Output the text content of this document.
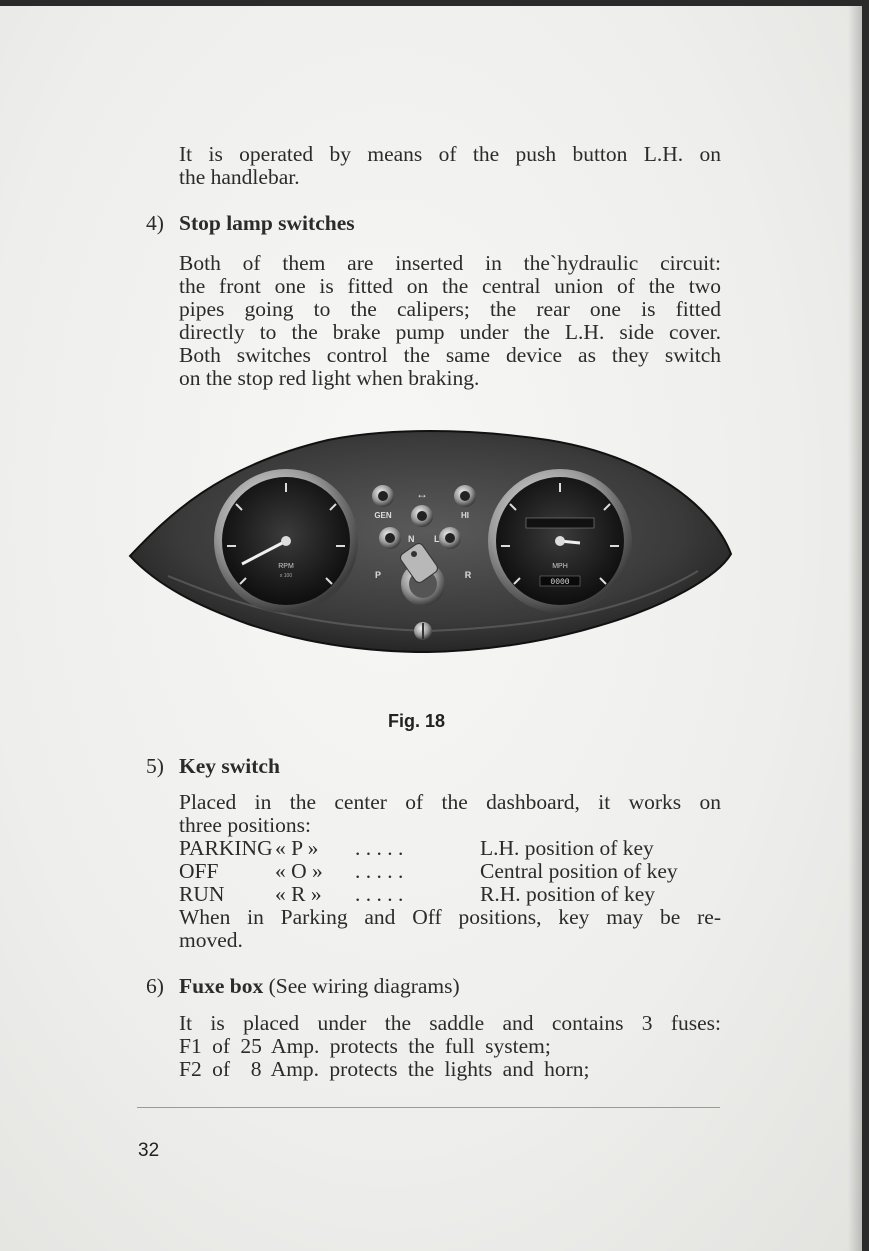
It is operated by means of the push button L.H. on

the handlebar.

4) Stop lamp switches

Both of them are inserted in the`hydraulic circuit:

the front one is fitted on the central union of the two

pipes going to the calipers; the rear one is fitted

directly to the brake pump under the L.H. side cover.

Both switches control the same device as they switch

on the stop red light when braking.

RPM
x 100
MPH
0000
GEN
↔
HI
N L
P	R
Fig. 18
5) Key switch

Placed in the center of the dashboard, it works on

three positions:

PARKING « P » . . . . .	L.H. position of key
OFF	« O » . . . . .	Central position of key
RUN « R » . . . . .	R.H. position of key

When in Parking and Off positions, key may be re-

moved.

6) Fuxe box (See wiring diagrams)

It is placed under the saddle and contains 3 fuses:

F1 of 25 Amp. protects the full system;

F2 of  8 Amp. protects the lights and horn;

32
